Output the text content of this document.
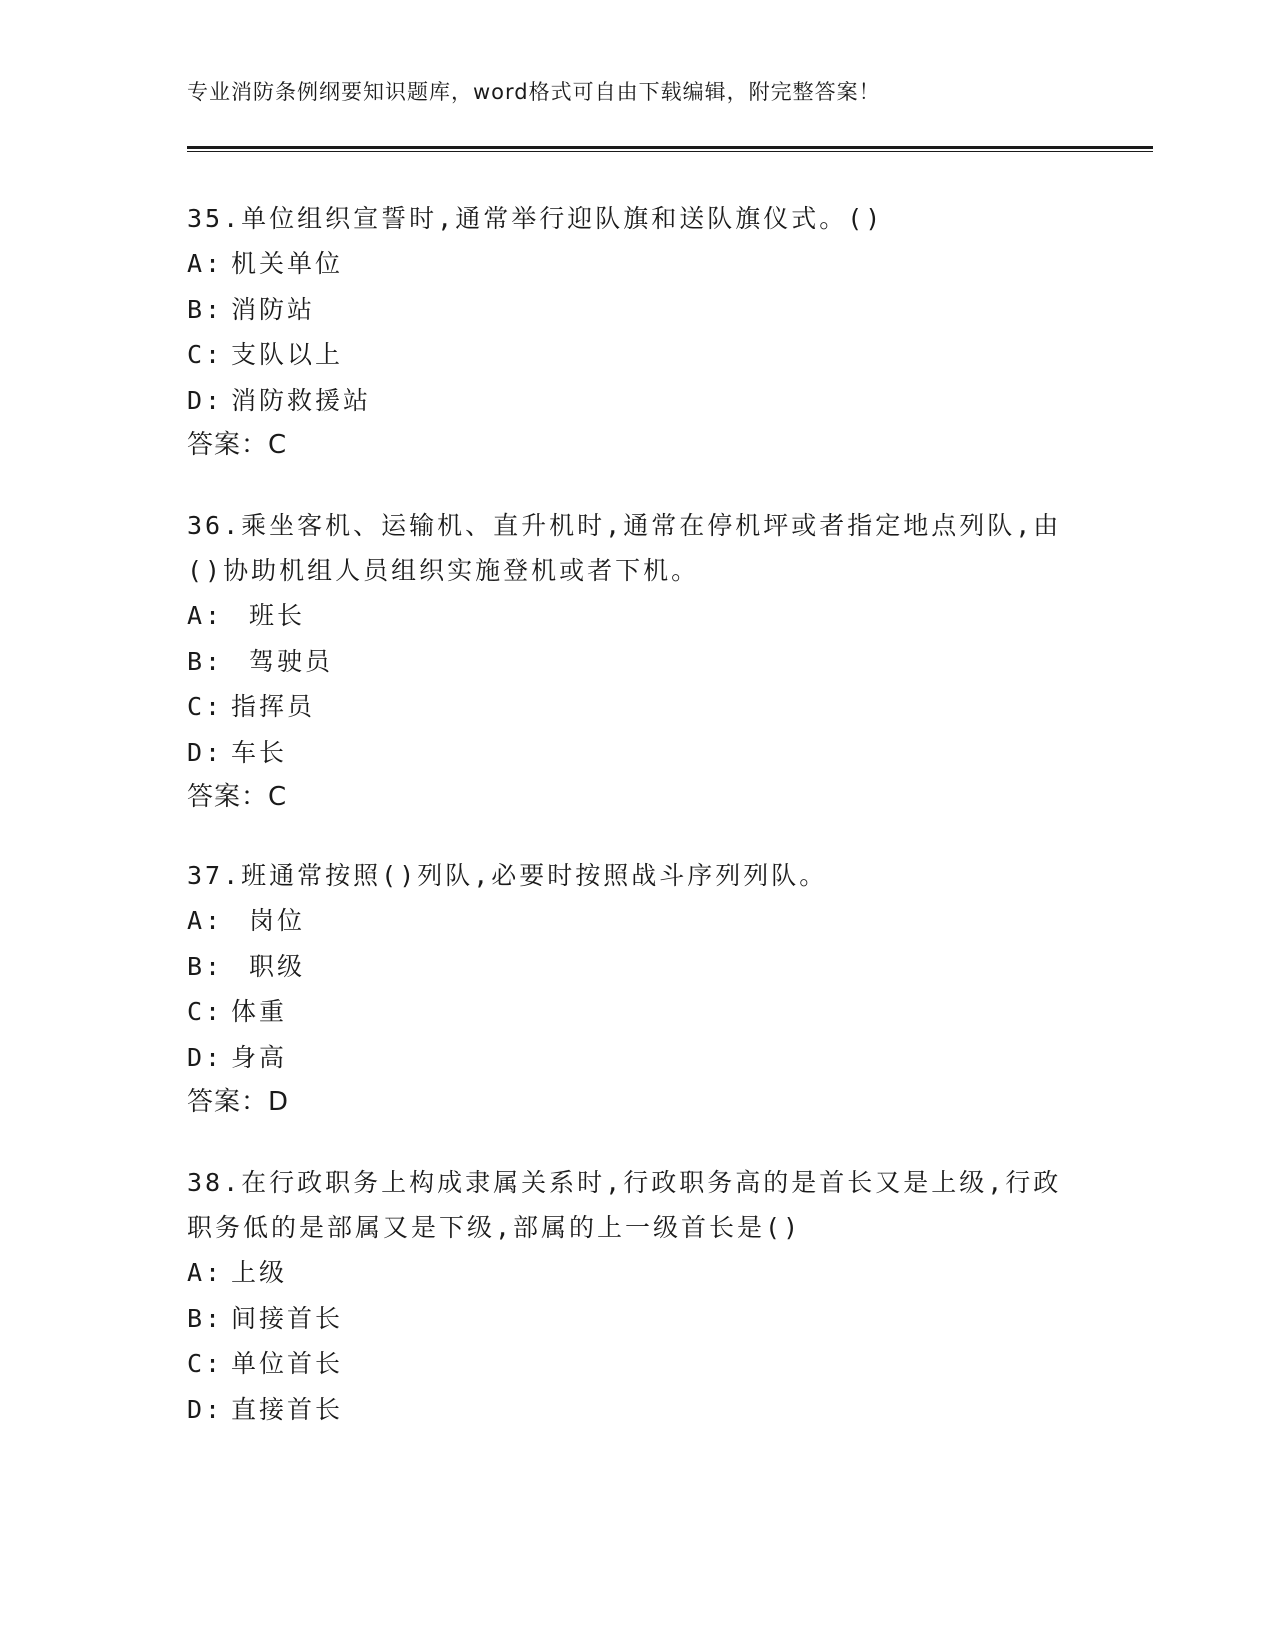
专业消防条例纲要知识题库，word格式可自由下载编辑，附完整答案！

35.单位组织宣誓时,通常举行迎队旗和送队旗仪式。()

A: 机关单位
B: 消防站
C: 支队以上
D: 消防救援站
答案：C

36.乘坐客机、运输机、直升机时,通常在停机坪或者指定地点列队,由()协助机组人员组织实施登机或者下机。

A: 班长
B: 驾驶员
C: 指挥员
D: 车长
答案：C

37.班通常按照()列队,必要时按照战斗序列列队。

A: 岗位
B: 职级
C: 体重
D: 身高
答案：D

38.在行政职务上构成隶属关系时,行政职务高的是首长又是上级,行政职务低的是部属又是下级,部属的上一级首长是()

A: 上级
B: 间接首长
C: 单位首长
D: 直接首长
